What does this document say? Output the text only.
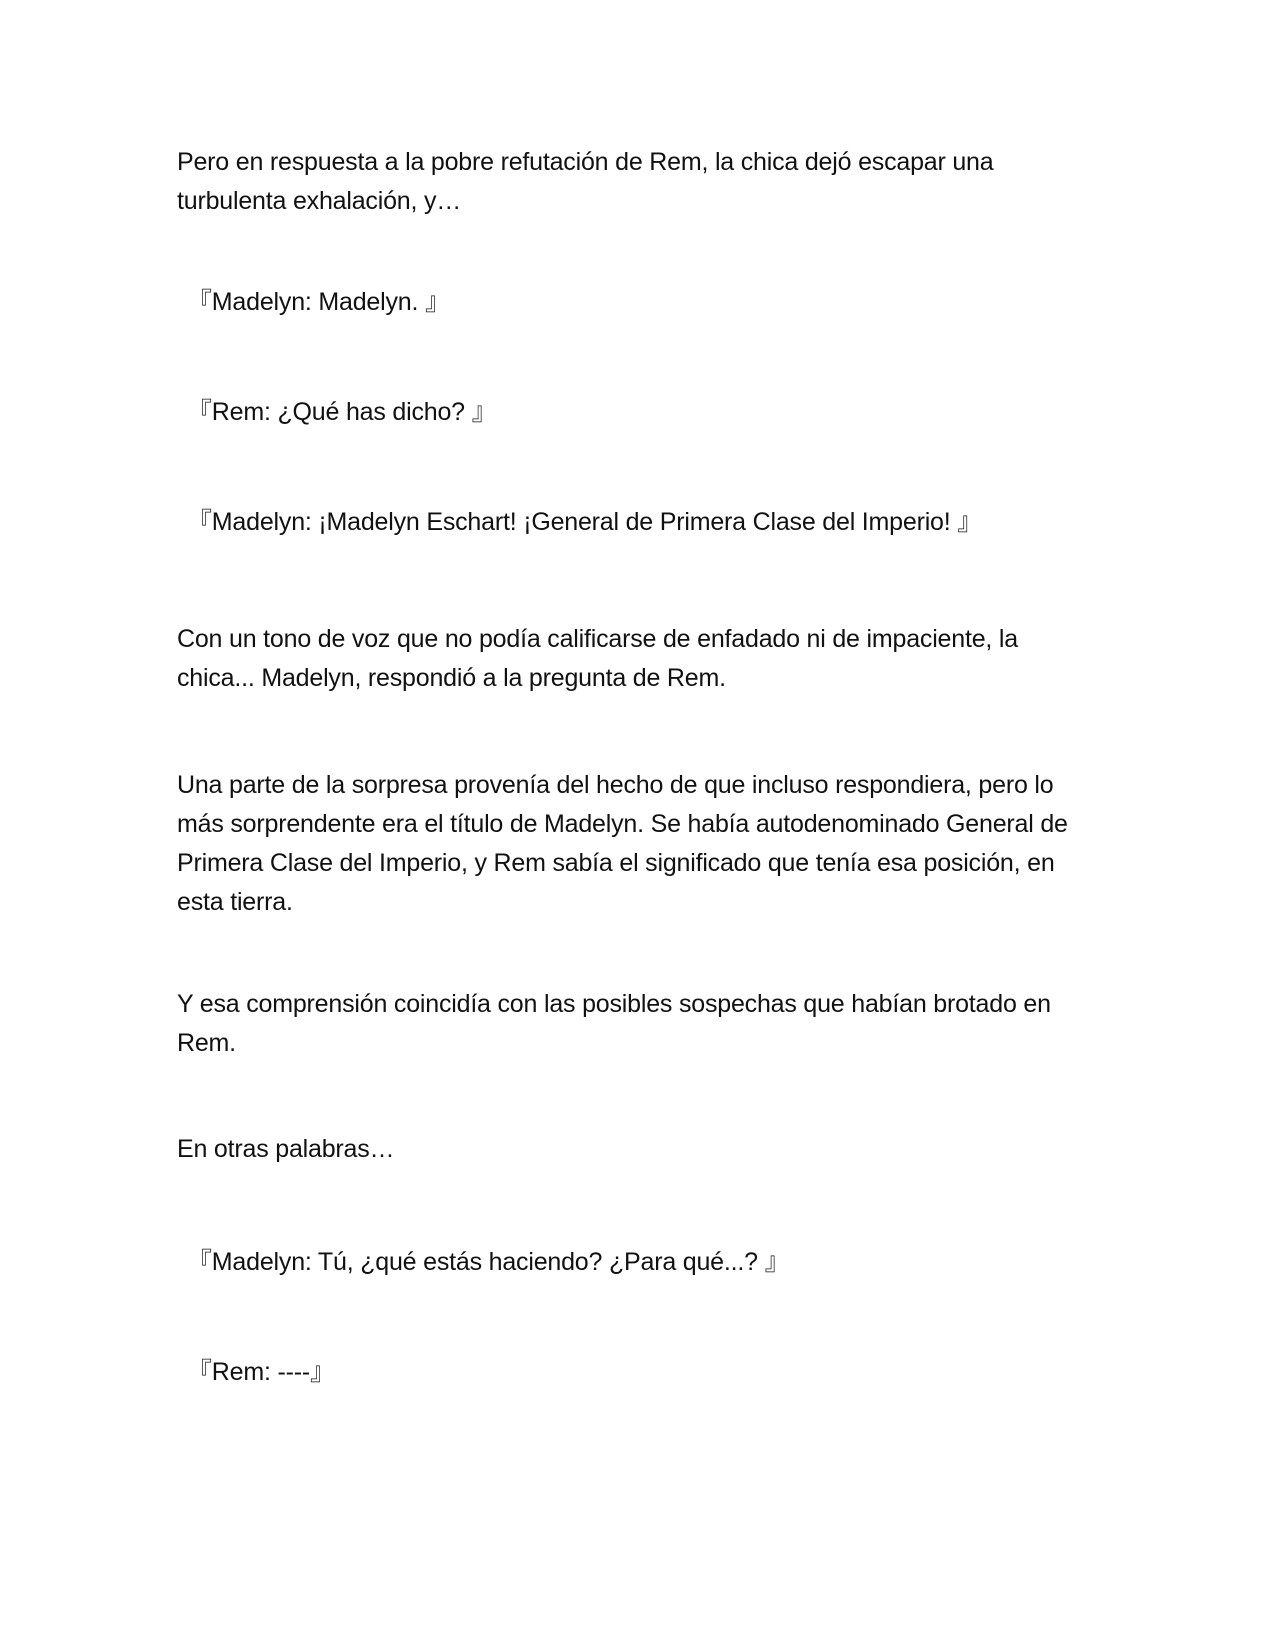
Pero en respuesta a la pobre refutación de Rem, la chica dejó escapar una turbulenta exhalación, y…

『Madelyn: Madelyn. 』

『Rem: ¿Qué has dicho? 』

『Madelyn: ¡Madelyn Eschart! ¡General de Primera Clase del Imperio! 』

Con un tono de voz que no podía calificarse de enfadado ni de impaciente, la chica... Madelyn, respondió a la pregunta de Rem.

Una parte de la sorpresa provenía del hecho de que incluso respondiera, pero lo más sorprendente era el título de Madelyn. Se había autodenominado General de Primera Clase del Imperio, y Rem sabía el significado que tenía esa posición, en esta tierra.

Y esa comprensión coincidía con las posibles sospechas que habían brotado en Rem.

En otras palabras…

『Madelyn: Tú, ¿qué estás haciendo? ¿Para qué...? 』

『Rem: ----』
